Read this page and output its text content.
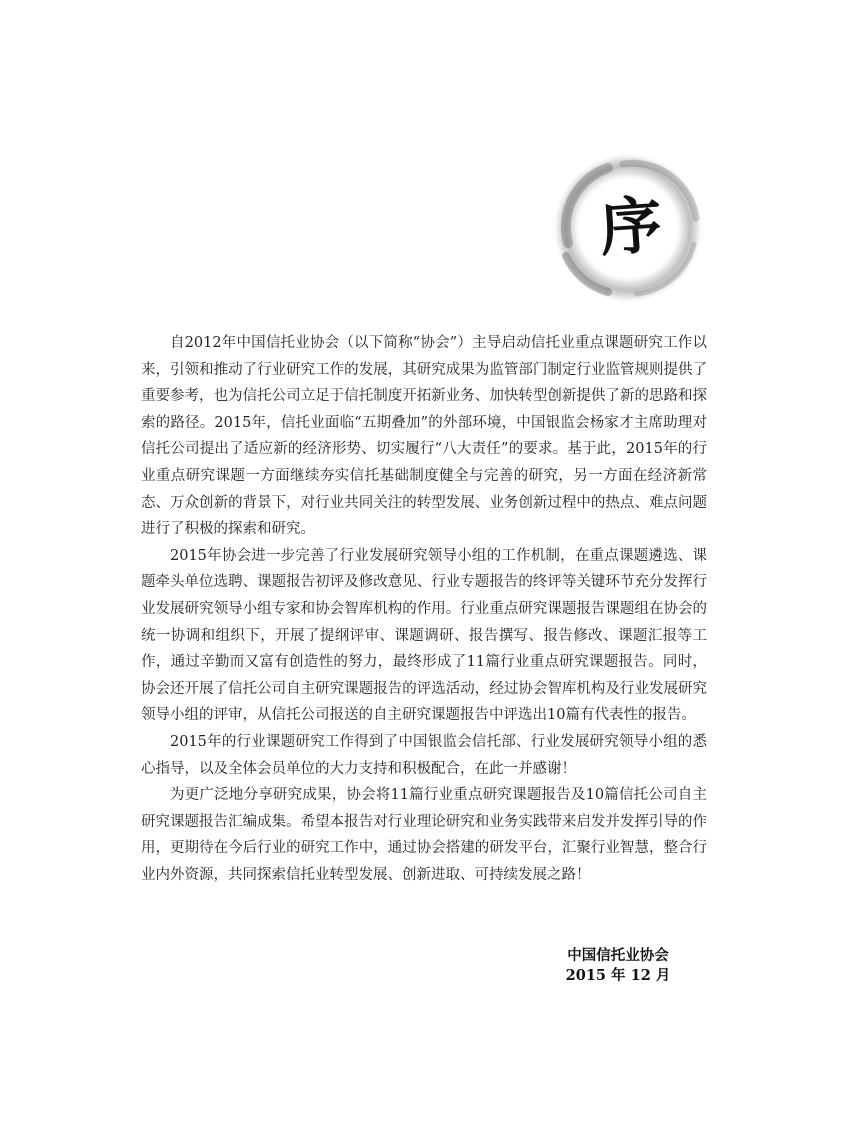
序

自2012年中国信托业协会（以下简称“协会”）主导启动信托业重点课题研究工作以来，引领和推动了行业研究工作的发展，其研究成果为监管部门制定行业监管规则提供了重要参考，也为信托公司立足于信托制度开拓新业务、加快转型创新提供了新的思路和探索的路径。2015年，信托业面临“五期叠加”的外部环境，中国银监会杨家才主席助理对信托公司提出了适应新的经济形势、切实履行“八大责任”的要求。基于此，2015年的行业重点研究课题一方面继续夯实信托基础制度健全与完善的研究，另一方面在经济新常态、万众创新的背景下，对行业共同关注的转型发展、业务创新过程中的热点、难点问题进行了积极的探索和研究。

2015年协会进一步完善了行业发展研究领导小组的工作机制，在重点课题遴选、课题牵头单位选聘、课题报告初评及修改意见、行业专题报告的终评等关键环节充分发挥行业发展研究领导小组专家和协会智库机构的作用。行业重点研究课题报告课题组在协会的统一协调和组织下，开展了提纲评审、课题调研、报告撰写、报告修改、课题汇报等工作，通过辛勤而又富有创造性的努力，最终形成了11篇行业重点研究课题报告。同时，协会还开展了信托公司自主研究课题报告的评选活动，经过协会智库机构及行业发展研究领导小组的评审，从信托公司报送的自主研究课题报告中评选出10篇有代表性的报告。

2015年的行业课题研究工作得到了中国银监会信托部、行业发展研究领导小组的悉心指导，以及全体会员单位的大力支持和积极配合，在此一并感谢！

为更广泛地分享研究成果，协会将11篇行业重点研究课题报告及10篇信托公司自主研究课题报告汇编成集。希望本报告对行业理论研究和业务实践带来启发并发挥引导的作用，更期待在今后行业的研究工作中，通过协会搭建的研发平台，汇聚行业智慧，整合行业内外资源，共同探索信托业转型发展、创新进取、可持续发展之路！

中国信托业协会
2015 年 12 月
